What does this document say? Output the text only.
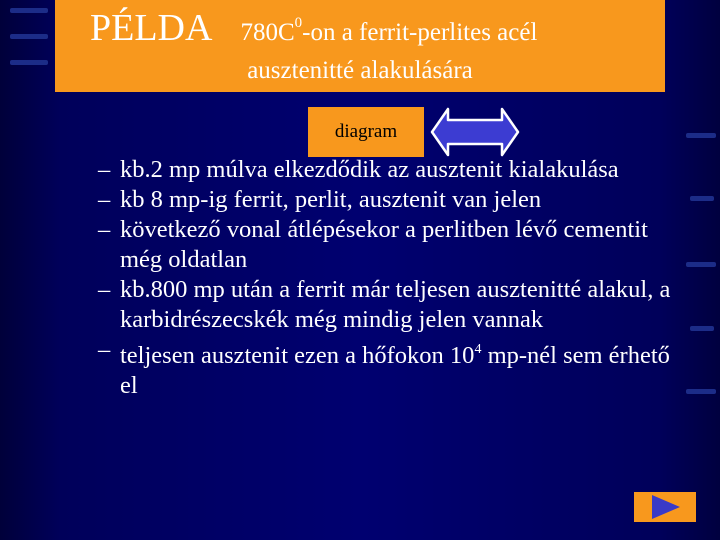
PÉLDA $780C^0-on$ a ferrit-perlites acél
ausztenitté alakulására
diagram
– kb.2 mp múlva elkezdődik az ausztenit kialakulása
– kb 8 mp-ig ferrit, perlit, ausztenit van jelen
– következő vonal átlépésekor a perlitben lévő cementit még oldatlan
– kb.800 mp után a ferrit már teljesen ausztenitté alakul, a karbidrészecskék még mindig jelen vannak
– teljesen ausztenit ezen a hőfokon $10^4$ mp-nél sem érhető el
